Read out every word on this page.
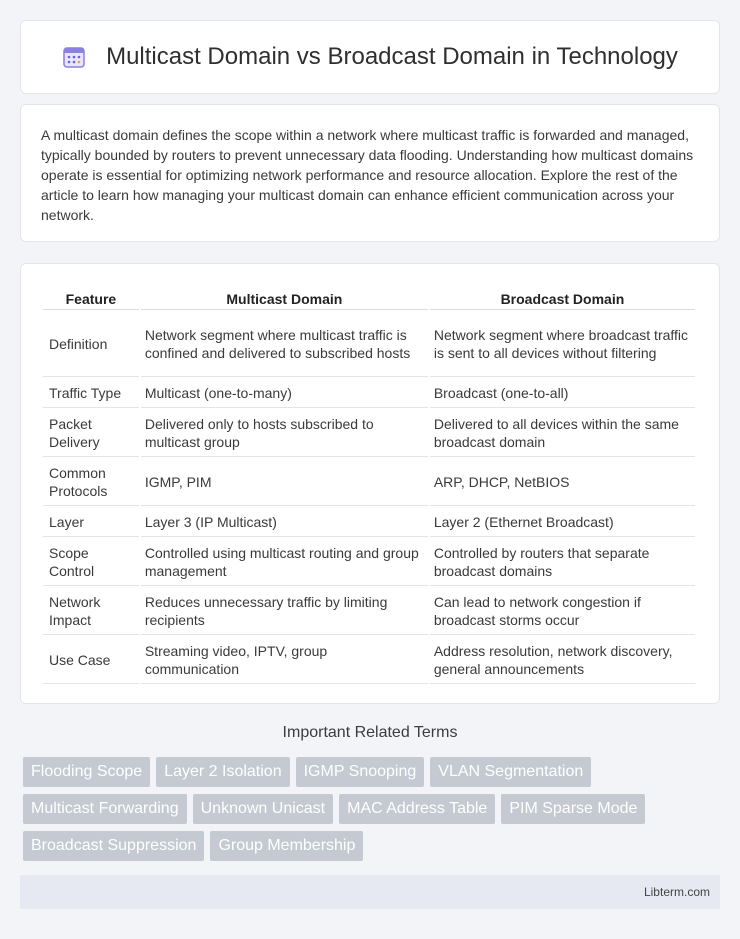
Multicast Domain vs Broadcast Domain in Technology

A multicast domain defines the scope within a network where multicast traffic is forwarded and managed, typically bounded by routers to prevent unnecessary data flooding. Understanding how multicast domains operate is essential for optimizing network performance and resource allocation. Explore the rest of the article to learn how managing your multicast domain can enhance efficient communication across your network.

Feature	Multicast Domain	Broadcast Domain
Definition	Network segment where multicast traffic is confined and delivered to subscribed hosts	Network segment where broadcast traffic is sent to all devices without filtering
Traffic Type	Multicast (one-to-many)	Broadcast (one-to-all)
Packet Delivery	Delivered only to hosts subscribed to multicast group	Delivered to all devices within the same broadcast domain
Common Protocols	IGMP, PIM	ARP, DHCP, NetBIOS
Layer	Layer 3 (IP Multicast)	Layer 2 (Ethernet Broadcast)
Scope Control	Controlled using multicast routing and group management	Controlled by routers that separate broadcast domains
Network Impact	Reduces unnecessary traffic by limiting recipients	Can lead to network congestion if broadcast storms occur
Use Case	Streaming video, IPTV, group communication	Address resolution, network discovery, general announcements
Important Related Terms
Flooding Scope	Layer 2 Isolation	IGMP Snooping	VLAN Segmentation
Multicast Forwarding	Unknown Unicast	MAC Address Table	PIM Sparse Mode
Broadcast Suppression	Group Membership
Libterm.com
